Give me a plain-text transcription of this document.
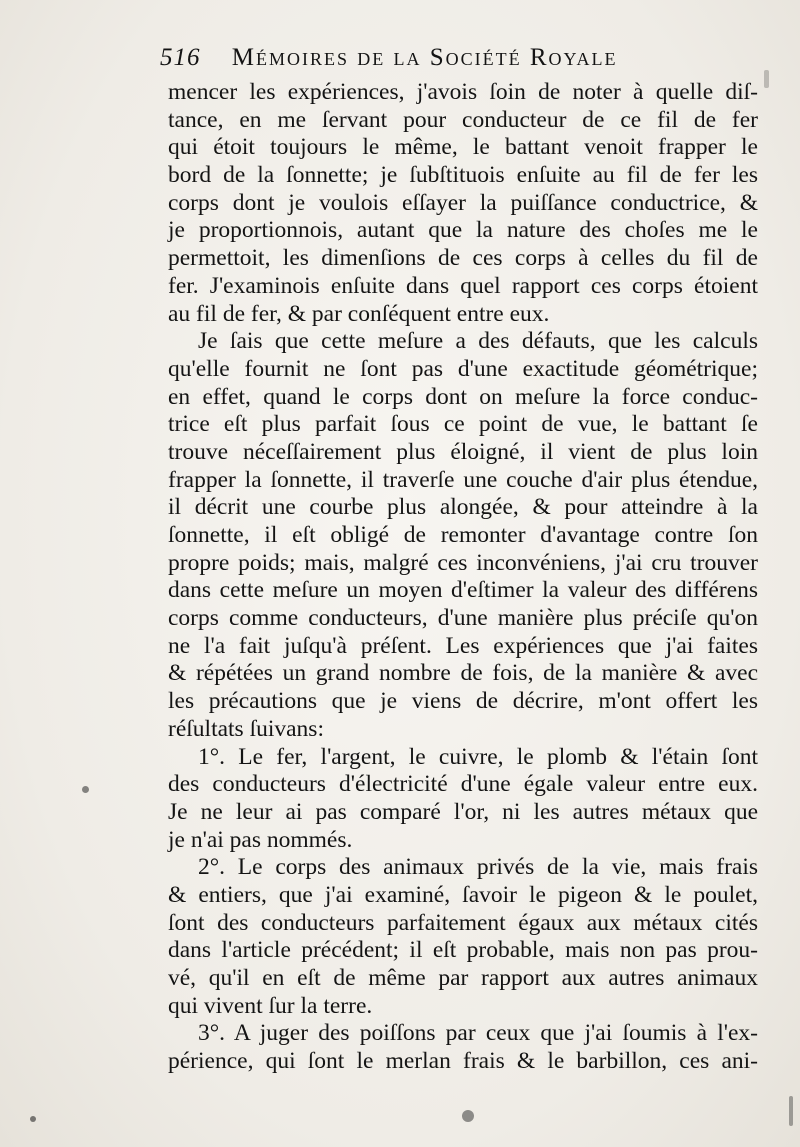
516 Mémoires de la Société Royale
mencer les expériences, j'avois ſoin de noter à quelle diſ-
tance, en me ſervant pour conducteur de ce fil de fer
qui étoit toujours le même, le battant venoit frapper le
bord de la ſonnette; je ſubſtituois enſuite au fil de fer les
corps dont je voulois eſſayer la puiſſance conductrice, &
je proportionnois, autant que la nature des choſes me le
permettoit, les dimenſions de ces corps à celles du fil de
fer. J'examinois enſuite dans quel rapport ces corps étoient
au fil de fer, & par conſéquent entre eux.
Je ſais que cette meſure a des défauts, que les calculs
qu'elle fournit ne ſont pas d'une exactitude géométrique;
en effet, quand le corps dont on meſure la force conduc-
trice eſt plus parfait ſous ce point de vue, le battant ſe
trouve néceſſairement plus éloigné, il vient de plus loin
frapper la ſonnette, il traverſe une couche d'air plus étendue,
il décrit une courbe plus alongée, & pour atteindre à la
ſonnette, il eſt obligé de remonter d'avantage contre ſon
propre poids; mais, malgré ces inconvéniens, j'ai cru trouver
dans cette meſure un moyen d'eſtimer la valeur des différens
corps comme conducteurs, d'une manière plus préciſe qu'on
ne l'a fait juſqu'à préſent. Les expériences que j'ai faites
& répétées un grand nombre de fois, de la manière & avec
les précautions que je viens de décrire, m'ont offert les
réſultats ſuivans:
1°. Le fer, l'argent, le cuivre, le plomb & l'étain ſont
des conducteurs d'électricité d'une égale valeur entre eux.
Je ne leur ai pas comparé l'or, ni les autres métaux que
je n'ai pas nommés.
2°. Le corps des animaux privés de la vie, mais frais
& entiers, que j'ai examiné, ſavoir le pigeon & le poulet,
ſont des conducteurs parfaitement égaux aux métaux cités
dans l'article précédent; il eſt probable, mais non pas prou-
vé, qu'il en eſt de même par rapport aux autres animaux
qui vivent ſur la terre.
3°. A juger des poiſſons par ceux que j'ai ſoumis à l'ex-
périence, qui ſont le merlan frais & le barbillon, ces ani-
